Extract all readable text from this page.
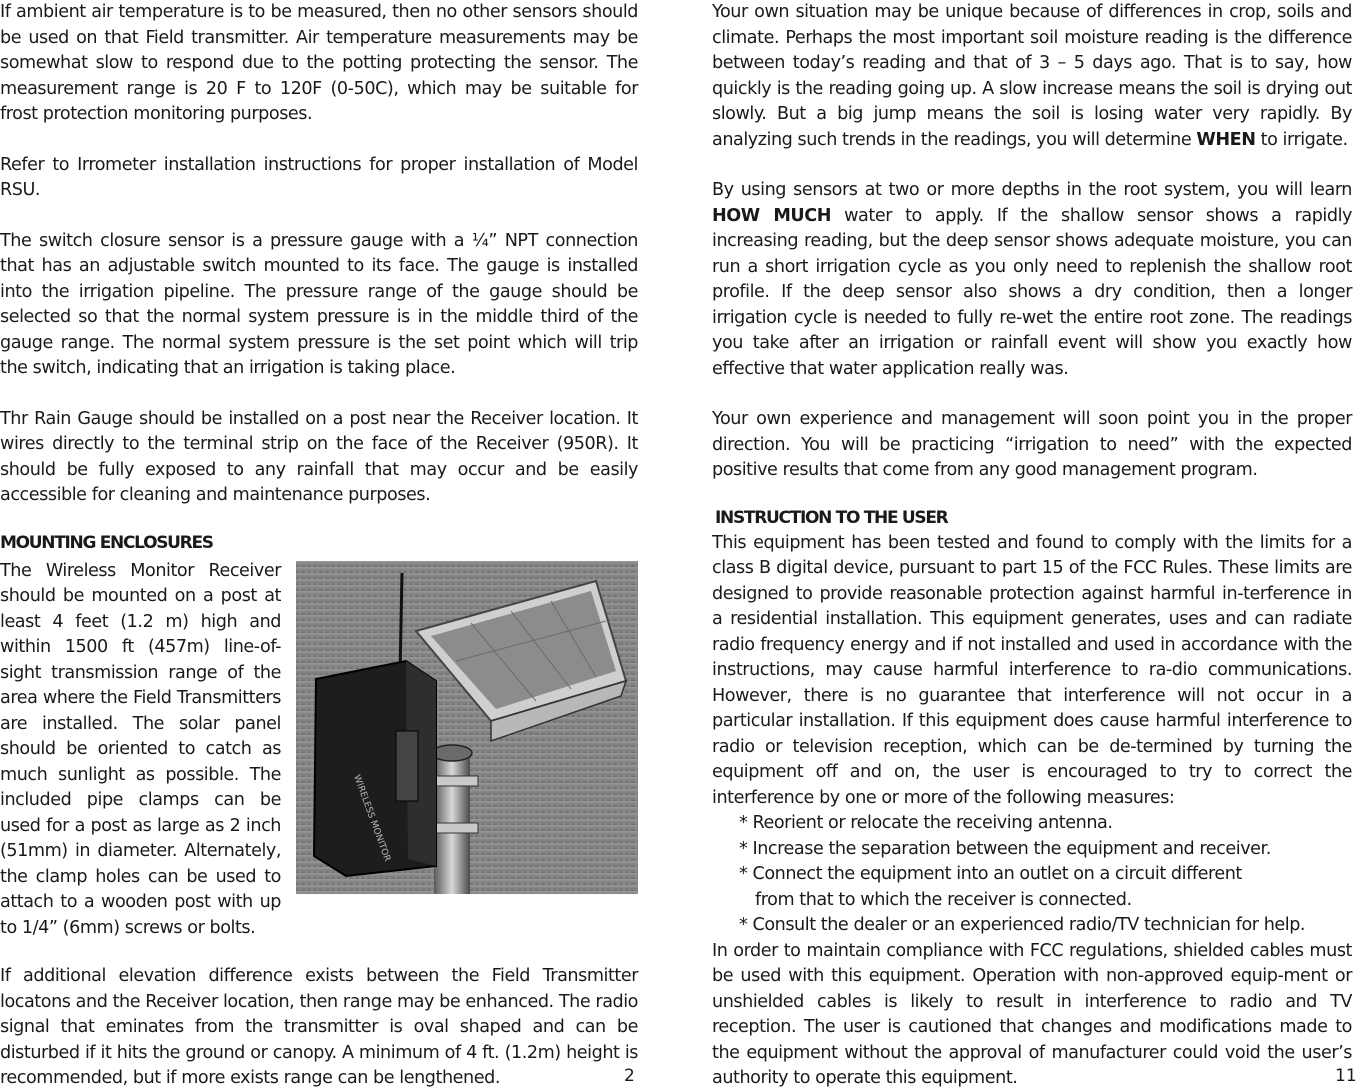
If ambient air temperature is to be measured, then no other sensors should be used on that Field transmitter. Air temperature measurements may be somewhat slow to respond due to the potting protecting the sensor. The measurement range is 20 F to 120F (0-50C), which may be suitable for frost protection monitoring purposes.

Refer to Irrometer installation instructions for proper installation of Model RSU.

The switch closure sensor is a pressure gauge with a ¼” NPT connection that has an adjustable switch mounted to its face. The gauge is installed into the irrigation pipeline. The pressure range of the gauge should be selected so that the normal system pressure is in the middle third of the gauge range. The normal system pressure is the set point which will trip the switch, indicating that an irrigation is taking place.

Thr Rain Gauge should be installed on a post near the Receiver location. It wires directly to the terminal strip on the face of the Receiver (950R). It should be fully exposed to any rainfall that may occur and be easily accessible for cleaning and maintenance purposes.

MOUNTING ENCLOSURES

The Wireless Monitor Receiver should be mounted on a post at least 4 feet (1.2 m) high and within 1500 ft (457m) line-of-sight transmission range of the area where the Field Transmitters are installed. The solar panel should be oriented to catch as much sunlight as possible. The included pipe clamps can be used for a post as large as 2 inch (51mm) in diameter. Alternately, the clamp holes can be used to attach to a wooden post with up to 1/4” (6mm) screws or bolts.

WIRELESS MONITOR

If additional elevation difference exists between the Field Transmitter locatons and the Receiver location, then range may be enhanced. The radio signal that eminates from the transmitter is oval shaped and can be disturbed if it hits the ground or canopy. A minimum of 4 ft. (1.2m) height is recommended, but if more exists range can be lengthened.	2

Your own situation may be unique because of differences in crop, soils and climate. Perhaps the most important soil moisture reading is the difference between today’s reading and that of 3 – 5 days ago. That is to say, how quickly is the reading going up. A slow increase means the soil is drying out slowly. But a big jump means the soil is losing water very rapidly. By analyzing such trends in the readings, you will determine WHEN to irrigate.

By using sensors at two or more depths in the root system, you will learn HOW MUCH water to apply. If the shallow sensor shows a rapidly increasing reading, but the deep sensor shows adequate moisture, you can run a short irrigation cycle as you only need to replenish the shallow root profile. If the deep sensor also shows a dry condition, then a longer irrigation cycle is needed to fully re-wet the entire root zone. The readings you take after an irrigation or rainfall event will show you exactly how effective that water application really was.

Your own experience and management will soon point you in the proper direction. You will be practicing “irrigation to need” with the expected positive results that come from any good management program.

INSTRUCTION TO THE USER

This equipment has been tested and found to comply with the limits for a class B digital device, pursuant to part 15 of the FCC Rules. These limits are designed to provide reasonable protection against harmful in-terference in a residential installation. This equipment generates, uses and can radiate radio frequency energy and if not installed and used in accordance with the instructions, may cause harmful interference to ra-dio communications. However, there is no guarantee that interference will not occur in a particular installation. If this equipment does cause harmful interference to radio or television reception, which can be de-termined by turning the equipment off and on, the user is encouraged to try to correct the interference by one or more of the following measures:

* Reorient or relocate the receiving antenna.

* Increase the separation between the equipment and receiver.

* Connect the equipment into an outlet on a circuit different

from that to which the receiver is connected.

* Consult the dealer or an experienced radio/TV technician for help.

In order to maintain compliance with FCC regulations, shielded cables must be used with this equipment. Operation with non-approved equip-ment or unshielded cables is likely to result in interference to radio and TV reception. The user is cautioned that changes and modifications made to the equipment without the approval of manufacturer could void the user’s authority to operate this equipment.	11
